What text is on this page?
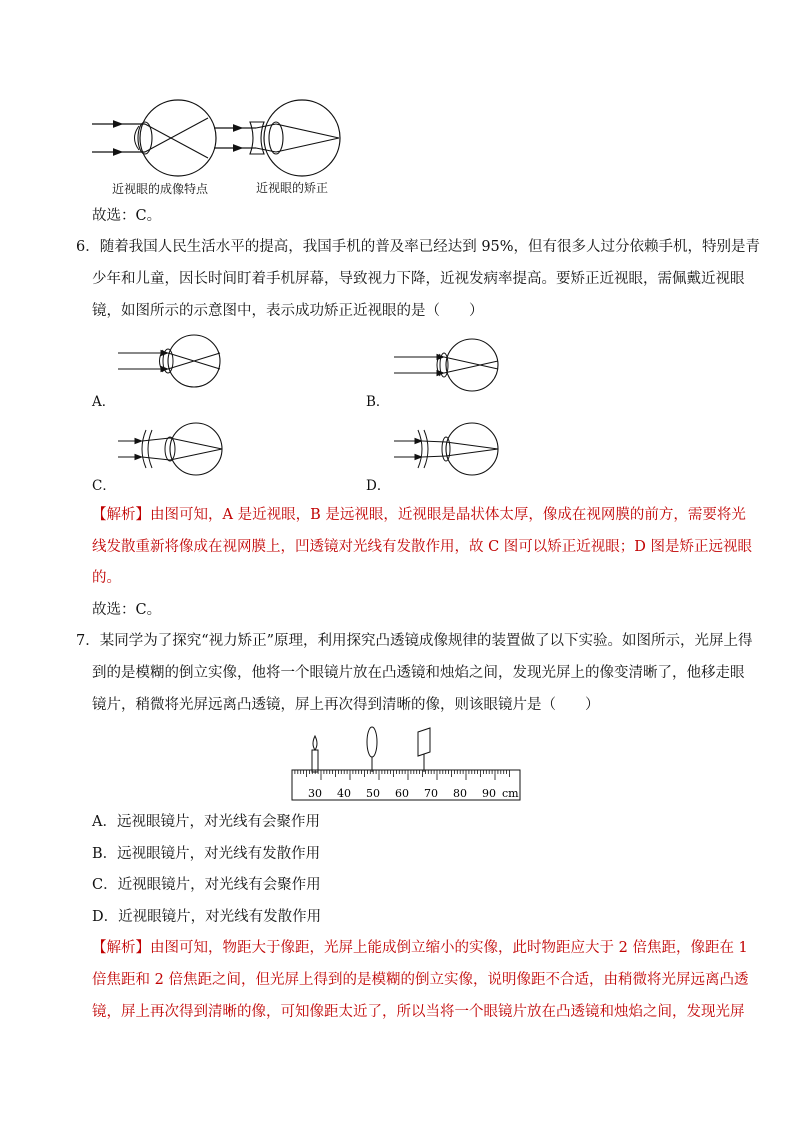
近视眼的成像特点	近视眼的矫正
故选：C。
6．随着我国人民生活水平的提高，我国手机的普及率已经达到 95%，但有很多人过分依赖手机，特别是青
少年和儿童，因长时间盯着手机屏幕，导致视力下降，近视发病率提高。要矫正近视眼，需佩戴近视眼
镜，如图所示的示意图中，表示成功矫正近视眼的是（　　）
A．	B．
C．	D．
【解析】由图可知，A 是近视眼，B 是远视眼，近视眼是晶状体太厚，像成在视网膜的前方，需要将光
线发散重新将像成在视网膜上，凹透镜对光线有发散作用，故 C 图可以矫正近视眼；D 图是矫正远视眼
的。
故选：C。
7．某同学为了探究“视力矫正”原理，利用探究凸透镜成像规律的装置做了以下实验。如图所示，光屏上得
到的是模糊的倒立实像，他将一个眼镜片放在凸透镜和烛焰之间，发现光屏上的像变清晰了，他移走眼
镜片，稍微将光屏远离凸透镜，屏上再次得到清晰的像，则该眼镜片是（　　）
30 40 50 60 70 80 90 cm
A．远视眼镜片，对光线有会聚作用
B．远视眼镜片，对光线有发散作用
C．近视眼镜片，对光线有会聚作用
D．近视眼镜片，对光线有发散作用
【解析】由图可知，物距大于像距，光屏上能成倒立缩小的实像，此时物距应大于 2 倍焦距，像距在 1
倍焦距和 2 倍焦距之间，但光屏上得到的是模糊的倒立实像，说明像距不合适，由稍微将光屏远离凸透
镜，屏上再次得到清晰的像，可知像距太近了，所以当将一个眼镜片放在凸透镜和烛焰之间，发现光屏
